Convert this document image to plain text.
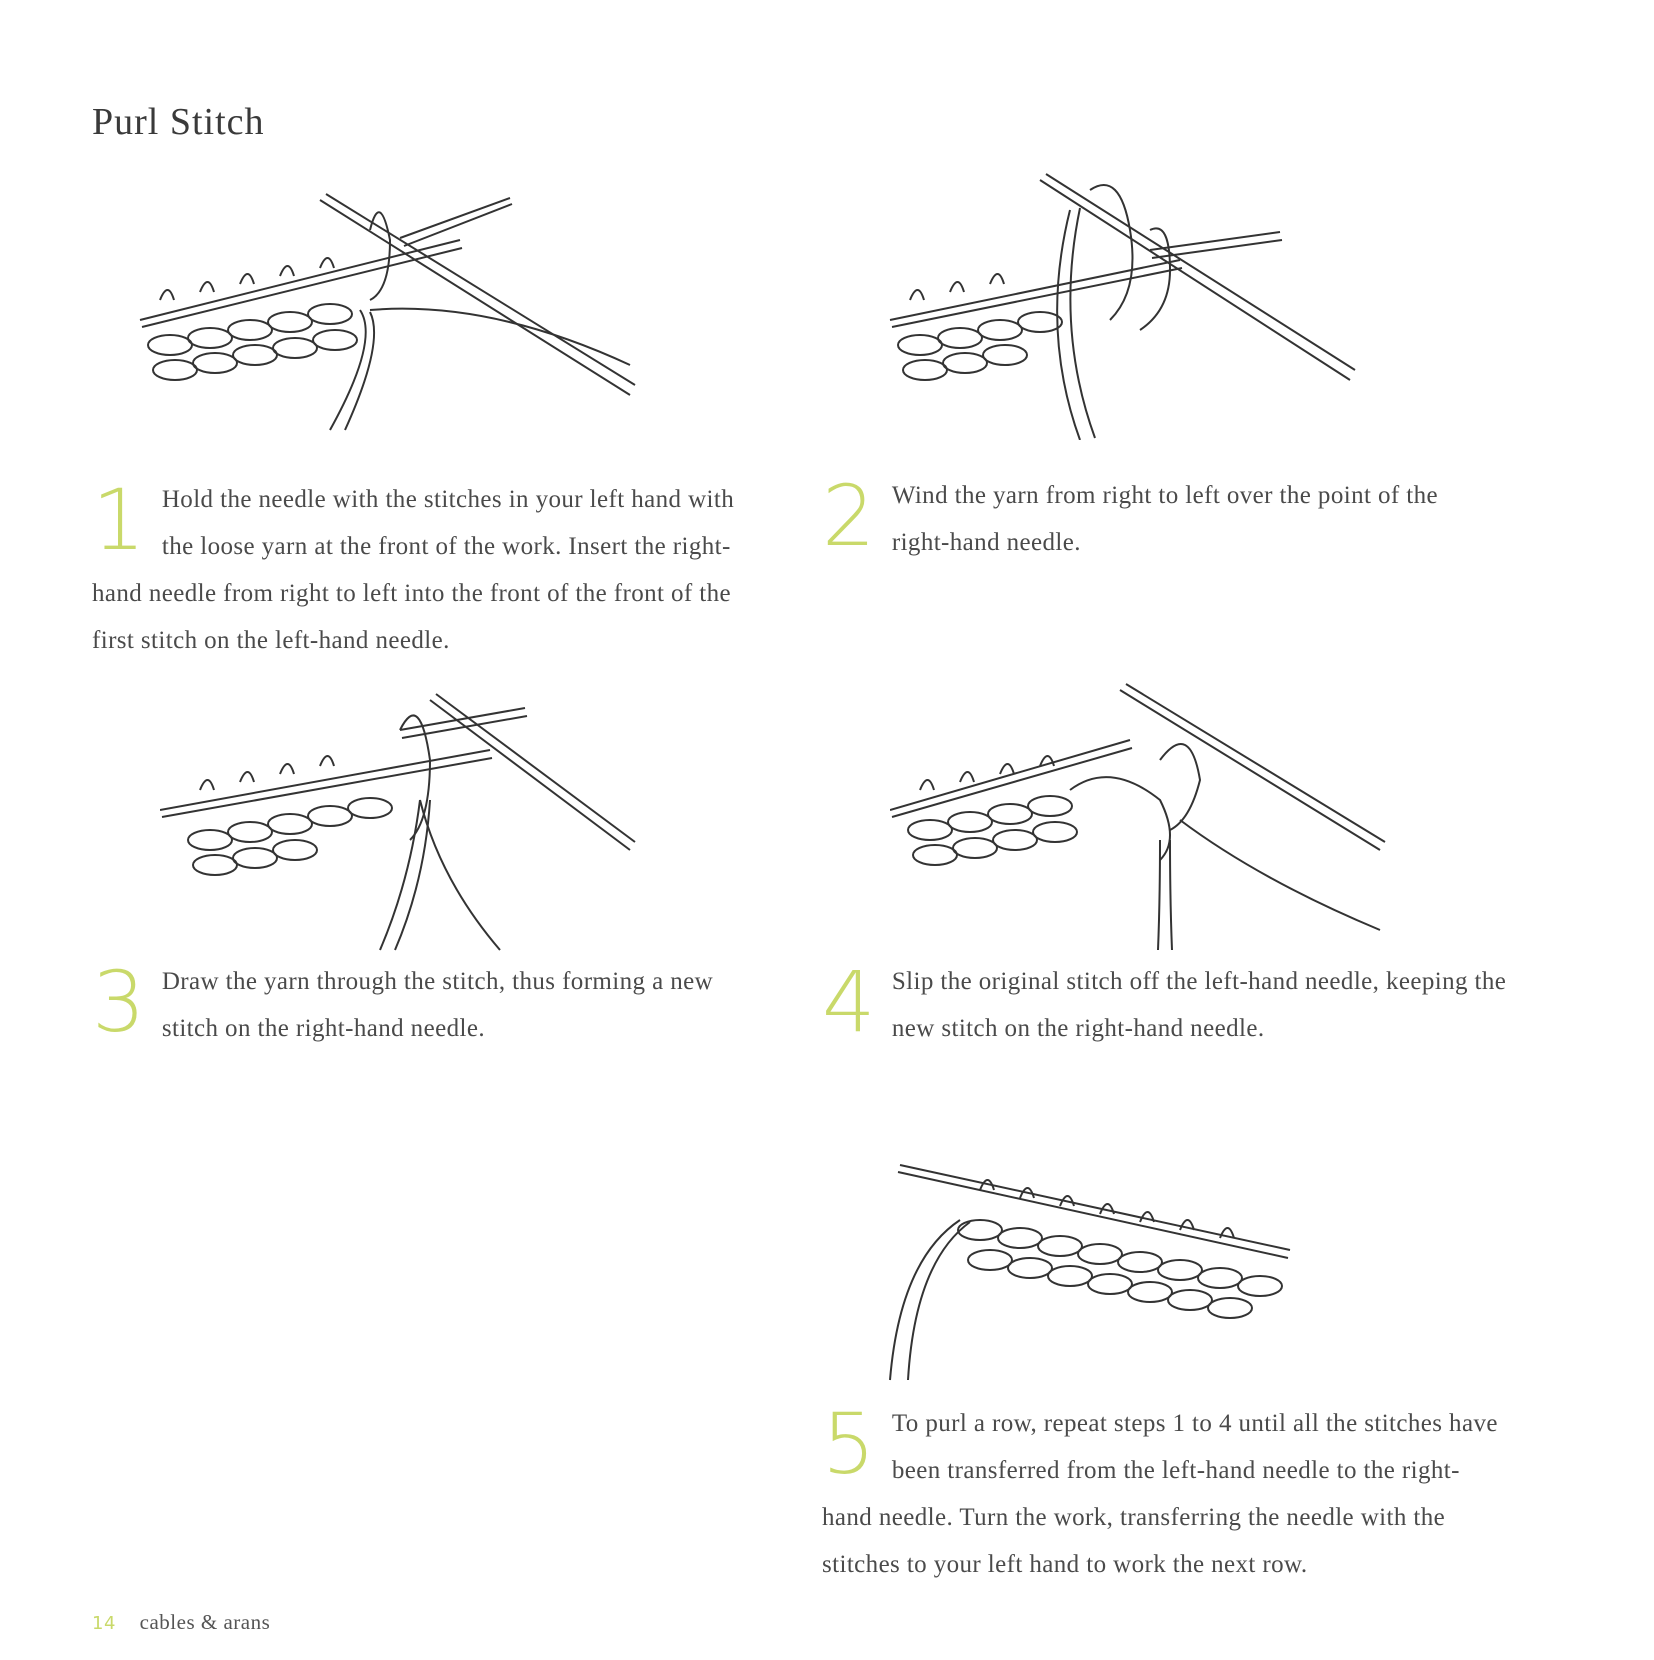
Purl Stitch
1 Hold the needle with the stitches in your left hand with the loose yarn at the front of the work. Insert the right-hand needle from right to left into the front of the front of the first stitch on the left-hand needle.
2 Wind the yarn from right to left over the point of the right-hand needle.
3 Draw the yarn through the stitch, thus forming a new stitch on the right-hand needle.	4 Slip the original stitch off the left-hand needle, keeping the new stitch on the right-hand needle.
5 To purl a row, repeat steps 1 to 4 until all the stitches have been transferred from the left-hand needle to the right-hand needle. Turn the work, transferring the needle with the stitches to your left hand to work the next row.
14 cables & arans
